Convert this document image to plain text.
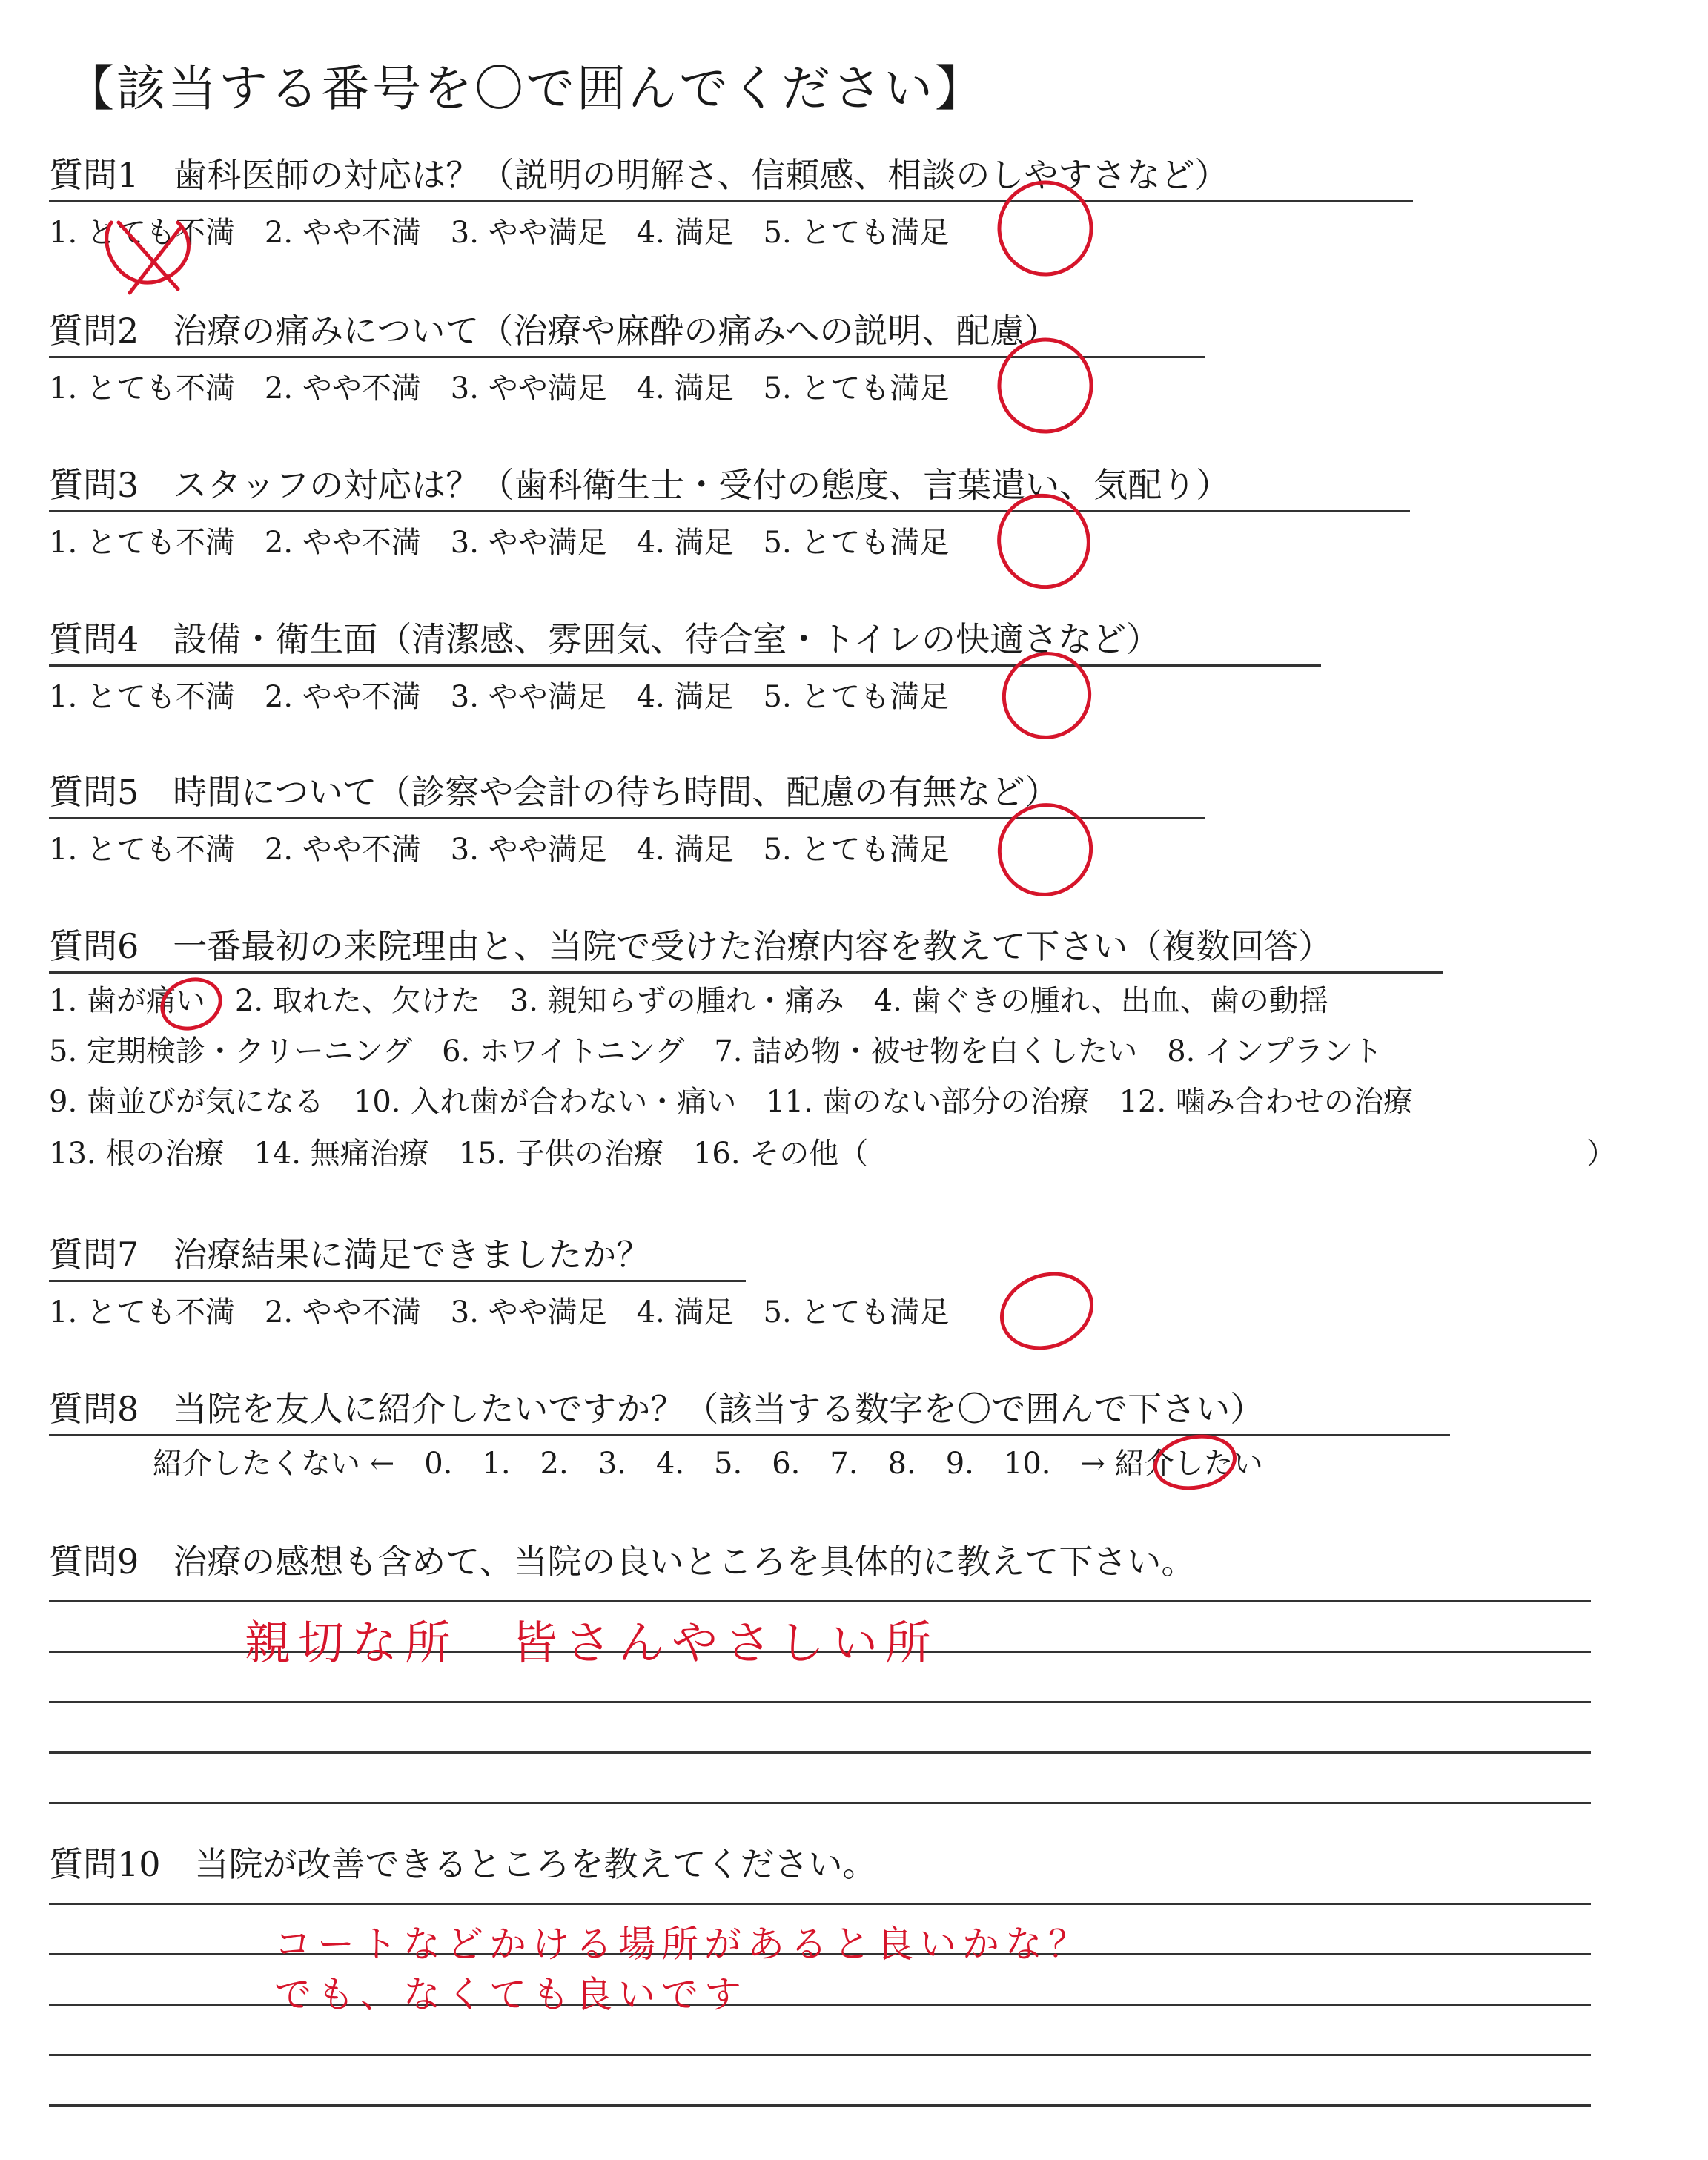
【該当する番号を〇で囲んでください】
質問1　歯科医師の対応は？（説明の明解さ、信頼感、相談のしやすさなど）
1. とても不満　2. やや不満　3. やや満足　4. 満足　5. とても満足
質問2　治療の痛みについて（治療や麻酔の痛みへの説明、配慮）
1. とても不満　2. やや不満　3. やや満足　4. 満足　5. とても満足
質問3　スタッフの対応は？（歯科衛生士・受付の態度、言葉遣い、気配り）
1. とても不満　2. やや不満　3. やや満足　4. 満足　5. とても満足
質問4　設備・衛生面（清潔感、雰囲気、待合室・トイレの快適さなど）
1. とても不満　2. やや不満　3. やや満足　4. 満足　5. とても満足
質問5　時間について（診察や会計の待ち時間、配慮の有無など）
1. とても不満　2. やや不満　3. やや満足　4. 満足　5. とても満足
質問6　一番最初の来院理由と、当院で受けた治療内容を教えて下さい（複数回答）
1. 歯が痛い　2. 取れた、欠けた　3. 親知らずの腫れ・痛み　4. 歯ぐきの腫れ、出血、歯の動揺
5. 定期検診・クリーニング　6. ホワイトニング　7. 詰め物・被せ物を白くしたい　8. インプラント
9. 歯並びが気になる　10. 入れ歯が合わない・痛い　11. 歯のない部分の治療　12. 噛み合わせの治療
13. 根の治療　14. 無痛治療　15. 子供の治療　16. その他（	）
質問7　治療結果に満足できましたか？
1. とても不満　2. やや不満　3. やや満足　4. 満足　5. とても満足
質問8　当院を友人に紹介したいですか？（該当する数字を〇で囲んで下さい）
紹介したくない ←　0.　1.　2.　3.　4.　5.　6.　7.　8.　9.　10.　→ 紹介したい
質問9　治療の感想も含めて、当院の良いところを具体的に教えて下さい。
親切な所　皆さんやさしい所
質問10　当院が改善できるところを教えてください。
コートなどかける場所があると良いかな？
でも、なくても良いです
